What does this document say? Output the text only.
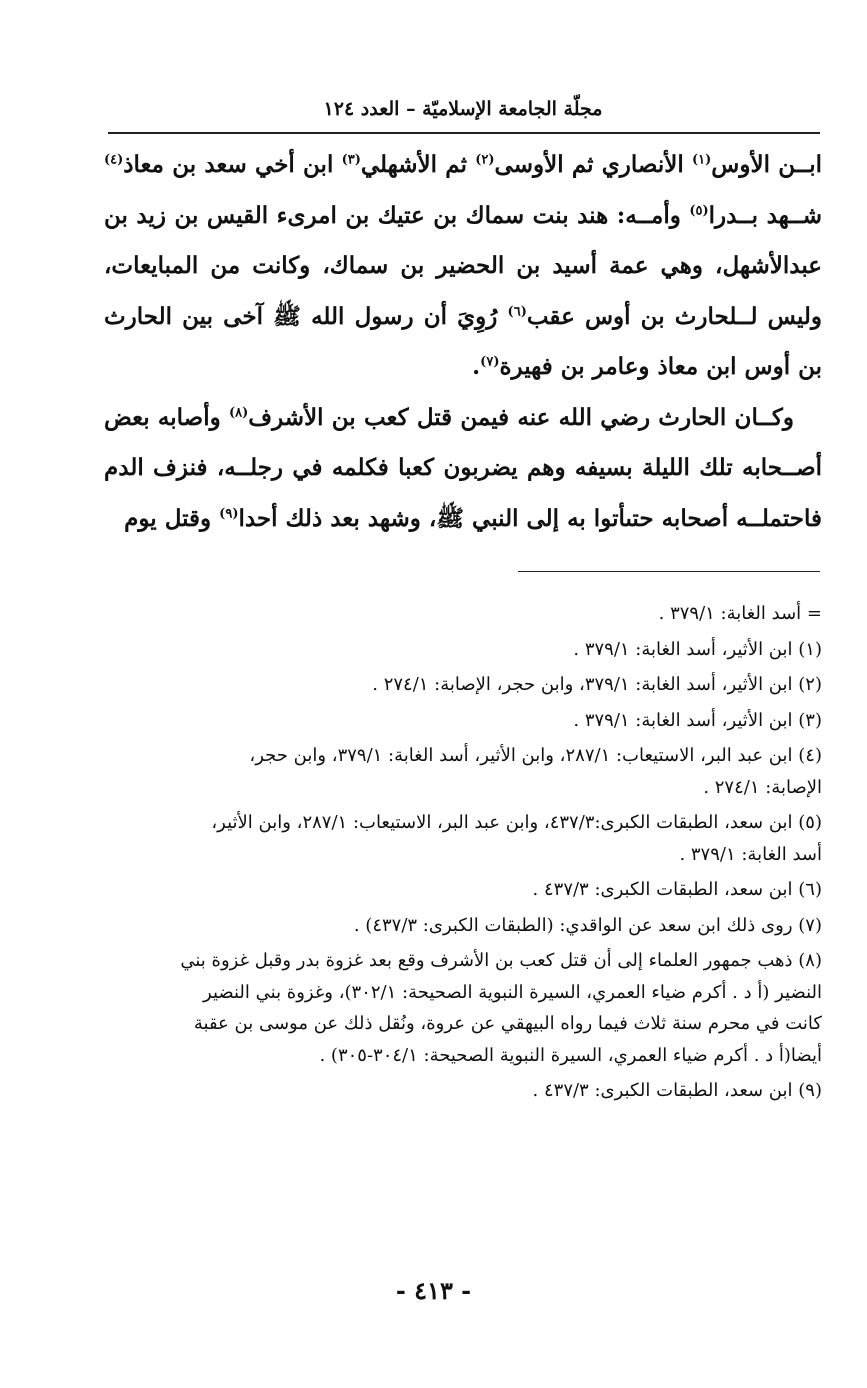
مجلّة الجامعة الإسلاميّة – العدد ١٢٤

ابــن الأوس$^{(١)}$ الأنصاري ثم الأوسى$^{(٢)}$ ثم الأشهلي$^{(٣)}$ ابن أخي سعد بن معاذ$^{(٤)}$ شــهد بــدرا$^{(٥)}$ وأمــه: هند بنت سماك بن عتيك بن امرىء القيس بن زيد بن عبدالأشهل، وهي عمة أسيد بن الحضير بن سماك، وكانت من المبايعات، وليس لــلحارث بن أوس عقب$^{(٦)}$ رُوِيَ أن رسول الله ﷺ آخى بين الحارث بن أوس ابن معاذ وعامر بن فهيرة$^{(٧)}$.

وكــان الحارث رضي الله عنه فيمن قتل كعب بن الأشرف$^{(٨)}$ وأصابه بعض أصــحابه تلك الليلة بسيفه وهم يضربون كعبا فكلمه في رجلــه، فنزف الدم فاحتملــه أصحابه حتىأتوا به إلى النبي ﷺ، وشهد بعد ذلك أحدا$^{(٩)}$ وقتل يوم

= أسد الغابة: ٣٧٩/١ .
(١) ابن الأثير، أسد الغابة: ٣٧٩/١ .
(٢) ابن الأثير، أسد الغابة: ٣٧٩/١، وابن حجر، الإصابة: ٢٧٤/١ .
(٣) ابن الأثير، أسد الغابة: ٣٧٩/١ .
(٤) ابن عبد البر، الاستيعاب: ٢٨٧/١، وابن الأثير، أسد الغابة: ٣٧٩/١، وابن حجر،
الإصابة: ٢٧٤/١ .
(٥) ابن سعد، الطبقات الكبرى:٤٣٧/٣، وابن عبد البر، الاستيعاب: ٢٨٧/١، وابن الأثير،
أسد الغابة: ٣٧٩/١ .
(٦) ابن سعد، الطبقات الكبرى: ٤٣٧/٣ .
(٧) روى ذلك ابن سعد عن الواقدي: (الطبقات الكبرى: ٤٣٧/٣) .
(٨) ذهب جمهور العلماء إلى أن قتل كعب بن الأشرف وقع بعد غزوة بدر وقبل غزوة بني
النضير (أ د . أكرم ضياء العمري، السيرة النبوية الصحيحة: ٣٠٢/١)، وغزوة بني النضير
كانت في محرم سنة ثلاث فيما رواه البيهقي عن عروة، ونُقل ذلك عن موسى بن عقبة
أيضا(أ د . أكرم ضياء العمري، السيرة النبوية الصحيحة: ٣٠٤/١-٣٠٥) .
(٩) ابن سعد، الطبقات الكبرى: ٤٣٧/٣ .
- ٤١٣ -
